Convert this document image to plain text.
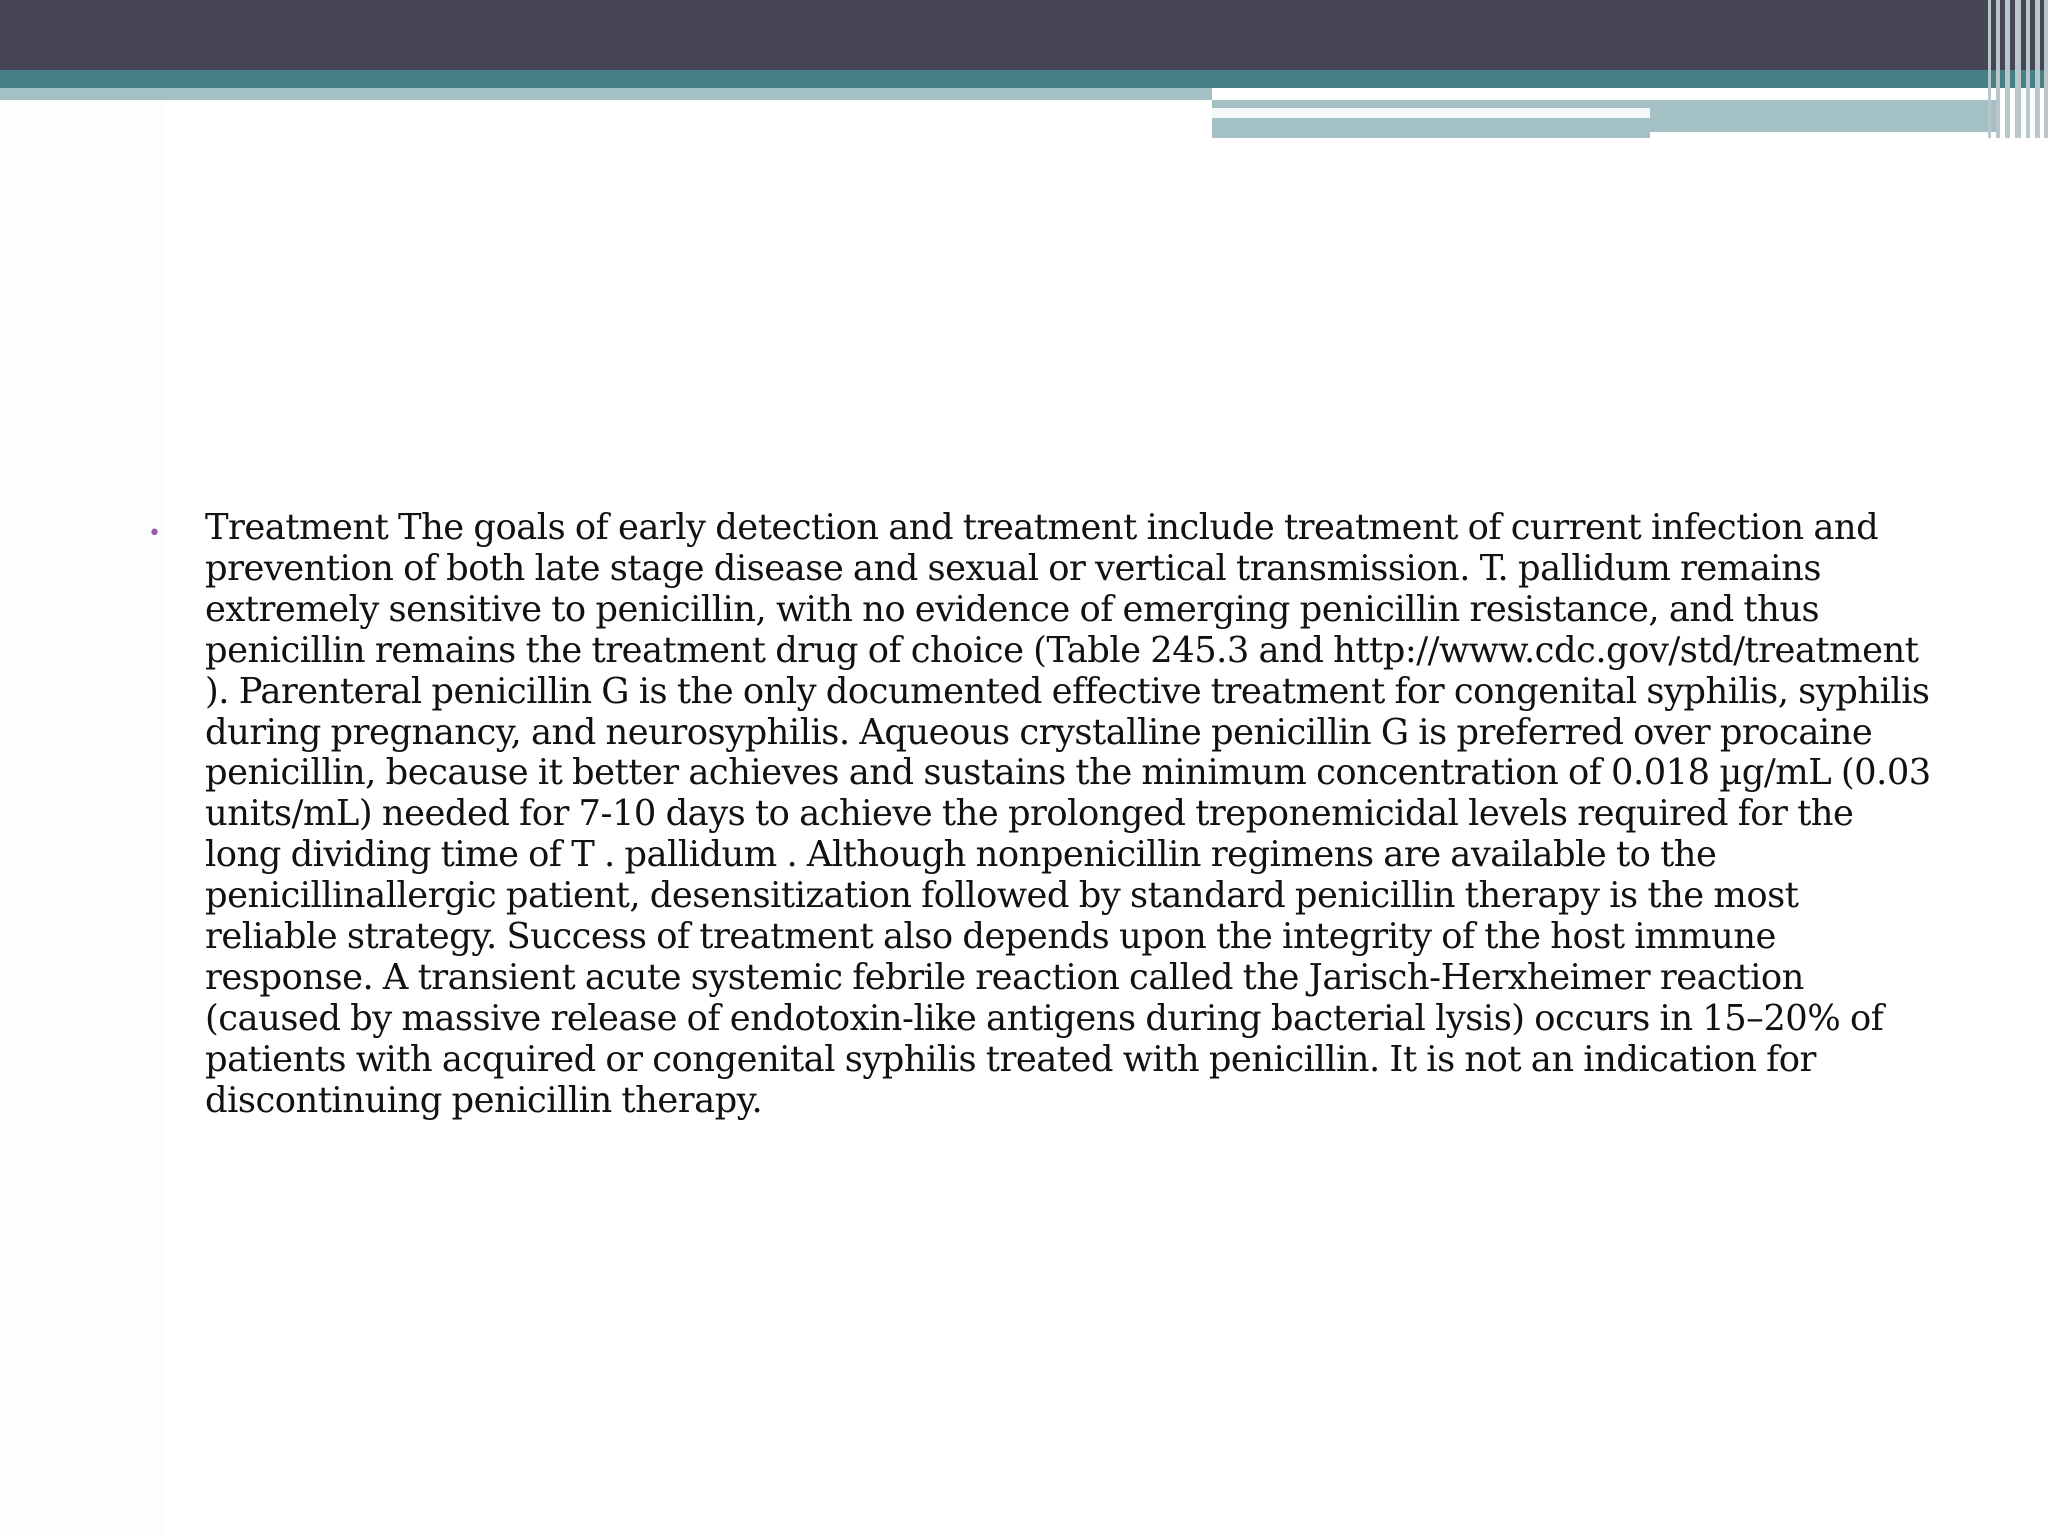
• Treatment The goals of early detection and treatment include treatment of current infection and prevention of both late stage disease and sexual or vertical transmission. T. pallidum remains extremely sensitive to penicillin, with no evidence of emerging penicillin resistance, and thus penicillin remains the treatment drug of choice (Table 245.3 and http://www.cdc.gov/std/treatment ). Parenteral penicillin G is the only documented effective treatment for congenital syphilis, syphilis during pregnancy, and neurosyphilis. Aqueous crystalline penicillin G is preferred over procaine penicillin, because it better achieves and sustains the minimum concentration of 0.018 µg/mL (0.03 units/mL) needed for 7-10 days to achieve the prolonged treponemicidal levels required for the long dividing time of T . pallidum . Although nonpenicillin regimens are available to the penicillinallergic patient, desensitization followed by standard penicillin therapy is the most reliable strategy. Success of treatment also depends upon the integrity of the host immune response. A transient acute systemic febrile reaction called the Jarisch-Herxheimer reaction (caused by massive release of endotoxin-like antigens during bacterial lysis) occurs in 15–20% of patients with acquired or congenital syphilis treated with penicillin. It is not an indication for discontinuing penicillin therapy.
